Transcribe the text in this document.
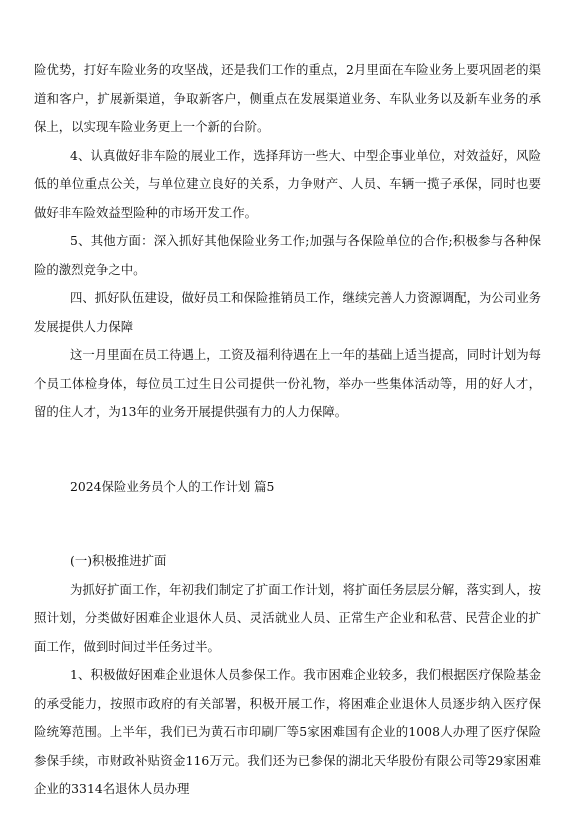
险优势，打好车险业务的攻坚战，还是我们工作的重点，2月里面在车险业务上要巩固老的渠道和客户，扩展新渠道，争取新客户，侧重点在发展渠道业务、车队业务以及新车业务的承保上，以实现车险业务更上一个新的台阶。

4、认真做好非车险的展业工作，选择拜访一些大、中型企事业单位，对效益好，风险低的单位重点公关，与单位建立良好的关系，力争财产、人员、车辆一揽子承保，同时也要做好非车险效益型险种的市场开发工作。

5、其他方面：深入抓好其他保险业务工作;加强与各保险单位的合作;积极参与各种保险的激烈竞争之中。

四、抓好队伍建设，做好员工和保险推销员工作，继续完善人力资源调配，为公司业务发展提供人力保障

这一月里面在员工待遇上，工资及福利待遇在上一年的基础上适当提高，同时计划为每个员工体检身体，每位员工过生日公司提供一份礼物，举办一些集体活动等，用的好人才，留的住人才，为13年的业务开展提供强有力的人力保障。

2024保险业务员个人的工作计划 篇5

(一)积极推进扩面

为抓好扩面工作，年初我们制定了扩面工作计划，将扩面任务层层分解，落实到人，按照计划，分类做好困难企业退休人员、灵活就业人员、正常生产企业和私营、民营企业的扩面工作，做到时间过半任务过半。

1、积极做好困难企业退休人员参保工作。我市困难企业较多，我们根据医疗保险基金的承受能力，按照市政府的有关部署，积极开展工作，将困难企业退休人员逐步纳入医疗保险统筹范围。上半年，我们已为黄石市印刷厂等5家困难国有企业的1008人办理了医疗保险参保手续，市财政补贴资金116万元。我们还为已参保的湖北天华股份有限公司等29家困难企业的3314名退休人员办理
